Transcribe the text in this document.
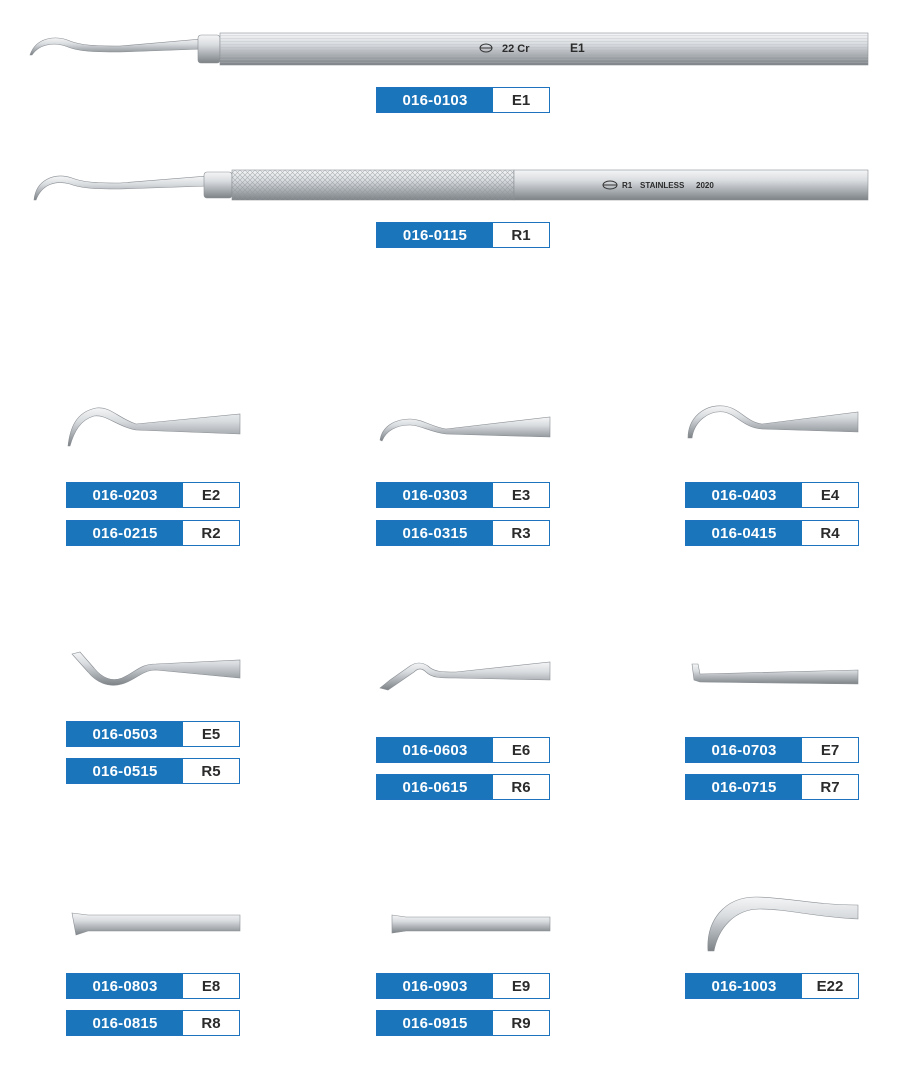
22 Cr	E1
016-0103	E1
R1 STAINLESS 2020
016-0115	R1
016-0203	E2
016-0215	R2
016-0303	E3
016-0315	R3
016-0403	E4
016-0415	R4
016-0503	E5
016-0515	R5
016-0603	E6
016-0615	R6
016-0703	E7
016-0715	R7
016-0803	E8
016-0815	R8
016-0903	E9
016-0915	R9
016-1003	E22
